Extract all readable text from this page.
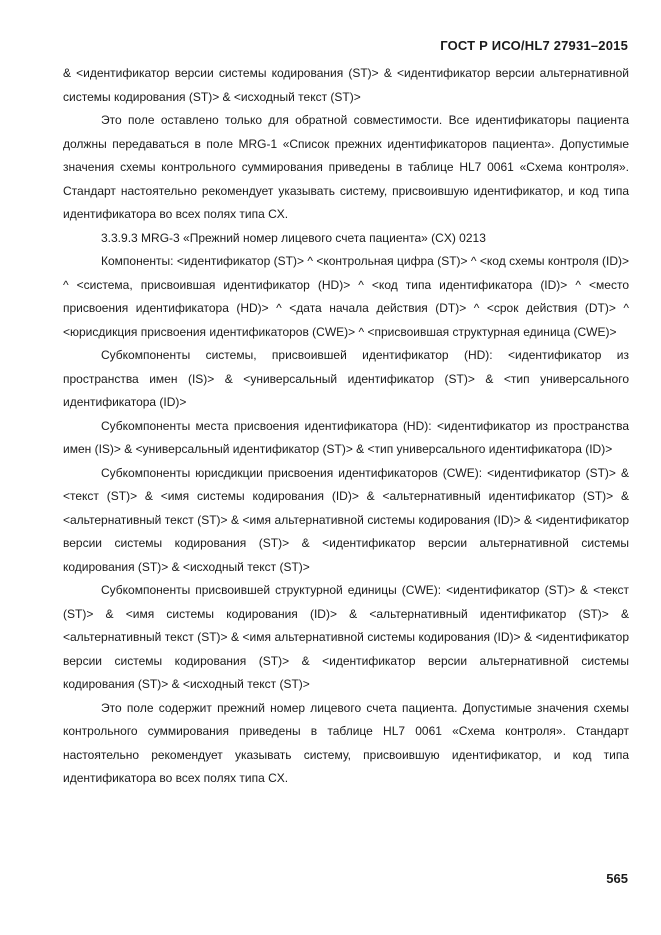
ГОСТ Р ИСО/HL7 27931–2015

& <идентификатор версии системы кодирования (ST)> & <идентификатор версии альтернативной системы кодирования (ST)> & <исходный текст (ST)>

Это поле оставлено только для обратной совместимости. Все идентификаторы пациента должны передаваться в поле MRG-1 «Список прежних идентификаторов пациента». Допустимые значения схемы контрольного суммирования приведены в таблице HL7 0061 «Схема контроля». Стандарт настоятельно рекомендует указывать систему, присвоившую идентификатор, и код типа идентификатора во всех полях типа CX.

3.3.9.3 MRG-3 «Прежний номер лицевого счета пациента» (CX) 0213

Компоненты: <идентификатор (ST)> ^ <контрольная цифра (ST)> ^ <код схемы контроля (ID)> ^ <система, присвоившая идентификатор (HD)> ^ <код типа идентификатора (ID)> ^ <место присвоения идентификатора (HD)> ^ <дата начала действия (DT)> ^ <срок действия (DT)> ^ <юрисдикция присвоения идентификаторов (CWE)> ^ <присвоившая структурная единица (CWE)>

Субкомпоненты системы, присвоившей идентификатор (HD): <идентификатор из пространства имен (IS)> & <универсальный идентификатор (ST)> & <тип универсального идентификатора (ID)>

Субкомпоненты места присвоения идентификатора (HD): <идентификатор из пространства имен (IS)> & <универсальный идентификатор (ST)> & <тип универсального идентификатора (ID)>

Субкомпоненты юрисдикции присвоения идентификаторов (CWE): <идентификатор (ST)> & <текст (ST)> & <имя системы кодирования (ID)> & <альтернативный идентификатор (ST)> & <альтернативный текст (ST)> & <имя альтернативной системы кодирования (ID)> & <идентификатор версии системы кодирования (ST)> & <идентификатор версии альтернативной системы кодирования (ST)> & <исходный текст (ST)>

Субкомпоненты присвоившей структурной единицы (CWE): <идентификатор (ST)> & <текст (ST)> & <имя системы кодирования (ID)> & <альтернативный идентификатор (ST)> & <альтернативный текст (ST)> & <имя альтернативной системы кодирования (ID)> & <идентификатор версии системы кодирования (ST)> & <идентификатор версии альтернативной системы кодирования (ST)> & <исходный текст (ST)>

Это поле содержит прежний номер лицевого счета пациента. Допустимые значения схемы контрольного суммирования приведены в таблице HL7 0061 «Схема контроля». Стандарт настоятельно рекомендует указывать систему, присвоившую идентификатор, и код типа идентификатора во всех полях типа CX.

565
